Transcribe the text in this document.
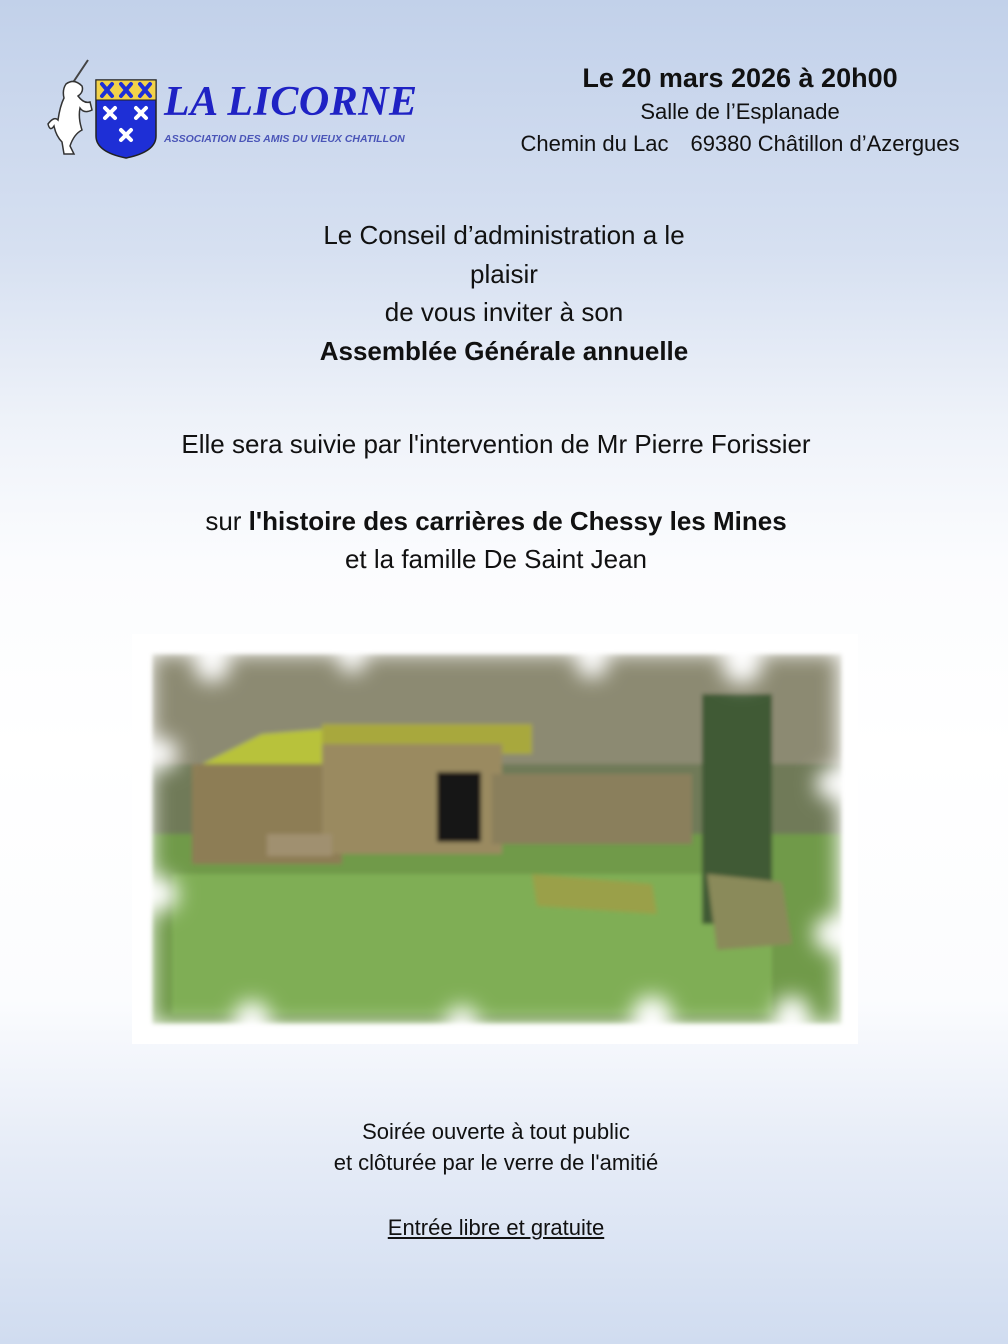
LA LICORNE
ASSOCIATION DES AMIS DU VIEUX CHATILLON
Le 20 mars 2026 à 20h00
Salle de l’Esplanade
Chemin du Lac 69380 Châtillon d’Azergues
Le Conseil d’administration a le
plaisir
de vous inviter à son
Assemblée Générale annuelle
Elle sera suivie par l'intervention de Mr Pierre Forissier
sur l'histoire des carrières de Chessy les Mines
et la famille De Saint Jean
Soirée ouverte à tout public
et clôturée par le verre de l'amitié
Entrée libre et gratuite
